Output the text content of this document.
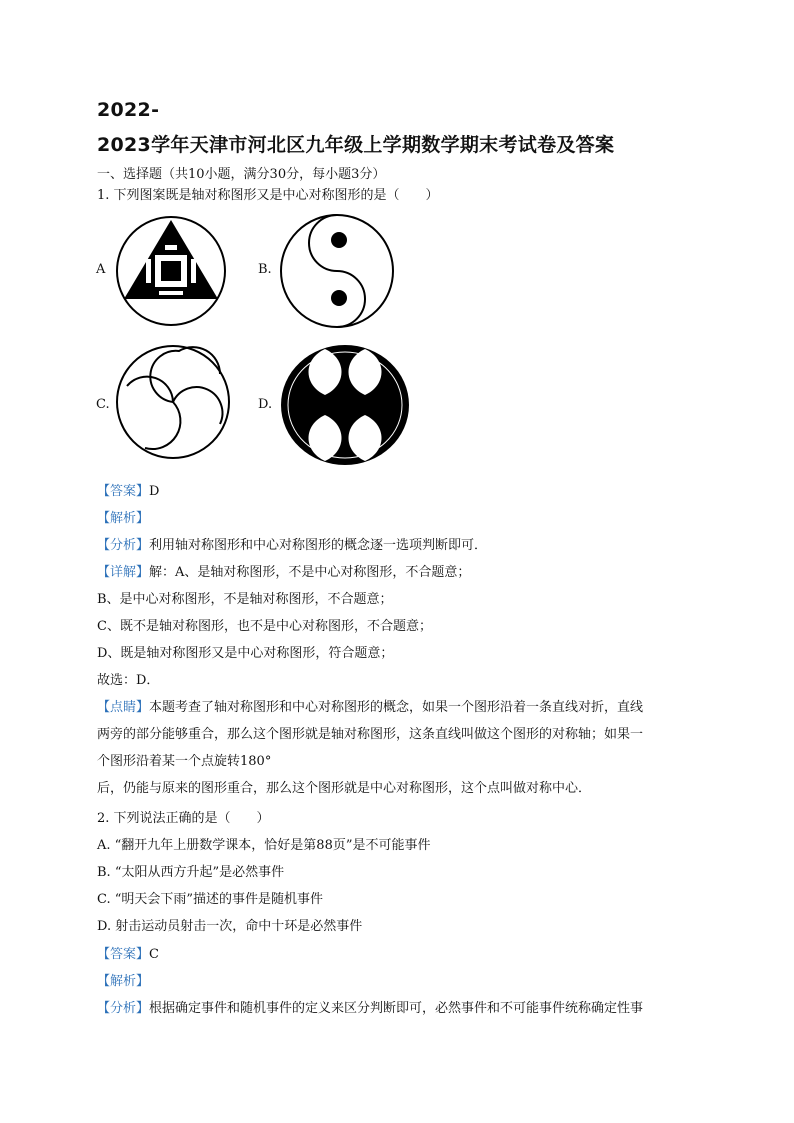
2022-
2023学年天津市河北区九年级上学期数学期末考试卷及答案
一、选择题（共10小题，满分30分，每小题3分）
1. 下列图案既是轴对称图形又是中心对称图形的是（　　）
A	B.
C.	D.
【答案】D
【解析】
【分析】利用轴对称图形和中心对称图形的概念逐一选项判断即可．
【详解】解：A、是轴对称图形，不是中心对称图形，不合题意；
B、是中心对称图形，不是轴对称图形，不合题意；
C、既不是轴对称图形，也不是中心对称图形，不合题意；
D、既是轴对称图形又是中心对称图形，符合题意；
故选：D．
【点睛】本题考查了轴对称图形和中心对称图形的概念，如果一个图形沿着一条直线对折，直线
两旁的部分能够重合，那么这个图形就是轴对称图形，这条直线叫做这个图形的对称轴；如果一
个图形沿着某一个点旋转180°
后，仍能与原来的图形重合，那么这个图形就是中心对称图形，这个点叫做对称中心．
2. 下列说法正确的是（　　）
A. “翻开九年上册数学课本，恰好是第88页”是不可能事件
B. “太阳从西方升起”是必然事件
C. “明天会下雨”描述的事件是随机事件
D. 射击运动员射击一次，命中十环是必然事件
【答案】C
【解析】
【分析】根据确定事件和随机事件的定义来区分判断即可，必然事件和不可能事件统称确定性事
